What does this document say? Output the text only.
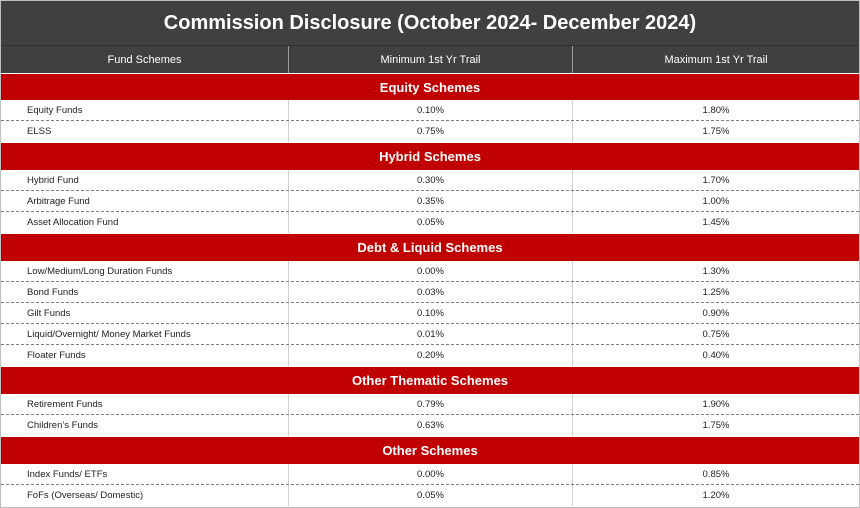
Commission Disclosure (October 2024- December 2024)
Fund Schemes	Minimum 1st Yr Trail	Maximum 1st Yr Trail
Equity Schemes
Equity Funds	0.10%	1.80%
ELSS	0.75%	1.75%
Hybrid Schemes
Hybrid Fund	0.30%	1.70%
Arbitrage Fund	0.35%	1.00%
Asset Allocation Fund	0.05%	1.45%
Debt & Liquid Schemes
Low/Medium/Long Duration Funds	0.00%	1.30%
Bond Funds	0.03%	1.25%
Gilt Funds	0.10%	0.90%
Liquid/Overnight/ Money Market Funds	0.01%	0.75%
Floater Funds	0.20%	0.40%
Other Thematic Schemes
Retirement Funds	0.79%	1.90%
Children's Funds	0.63%	1.75%
Other Schemes
Index Funds/ ETFs	0.00%	0.85%
FoFs (Overseas/ Domestic)	0.05%	1.20%
